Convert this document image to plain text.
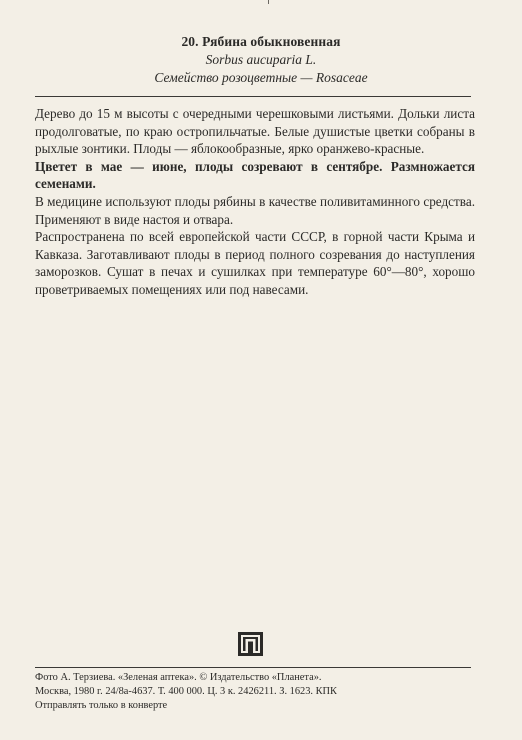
20. Рябина обыкновенная
Sorbus aucuparia L.
Семейство розоцветные — Rosaceae

Дерево до 15 м высоты с очередными черешковыми листьями. Дольки листа продолговатые, по краю остропильчатые. Белые душистые цветки собраны в рыхлые зонтики. Плоды — яблокообразные, ярко оранжево-красные.

Цветет в мае — июне, плоды созревают в сентябре. Размножается семенами.

В медицине используют плоды рябины в качестве поливитаминного средства. Применяют в виде настоя и отвара.

Распространена по всей европейской части СССР, в горной части Крыма и Кавказа. Заготавливают плоды в период полного созревания до наступления заморозков. Сушат в печах и сушилках при температуре 60°—80°, хорошо проветриваемых помещениях или под навесами.

Фото А. Терзиева. «Зеленая аптека». © Издательство «Планета».
Москва, 1980 г. 24/8а-4637. Т. 400 000. Ц. 3 к. 2426211. З. 1623. КПК
Отправлять только в конверте
